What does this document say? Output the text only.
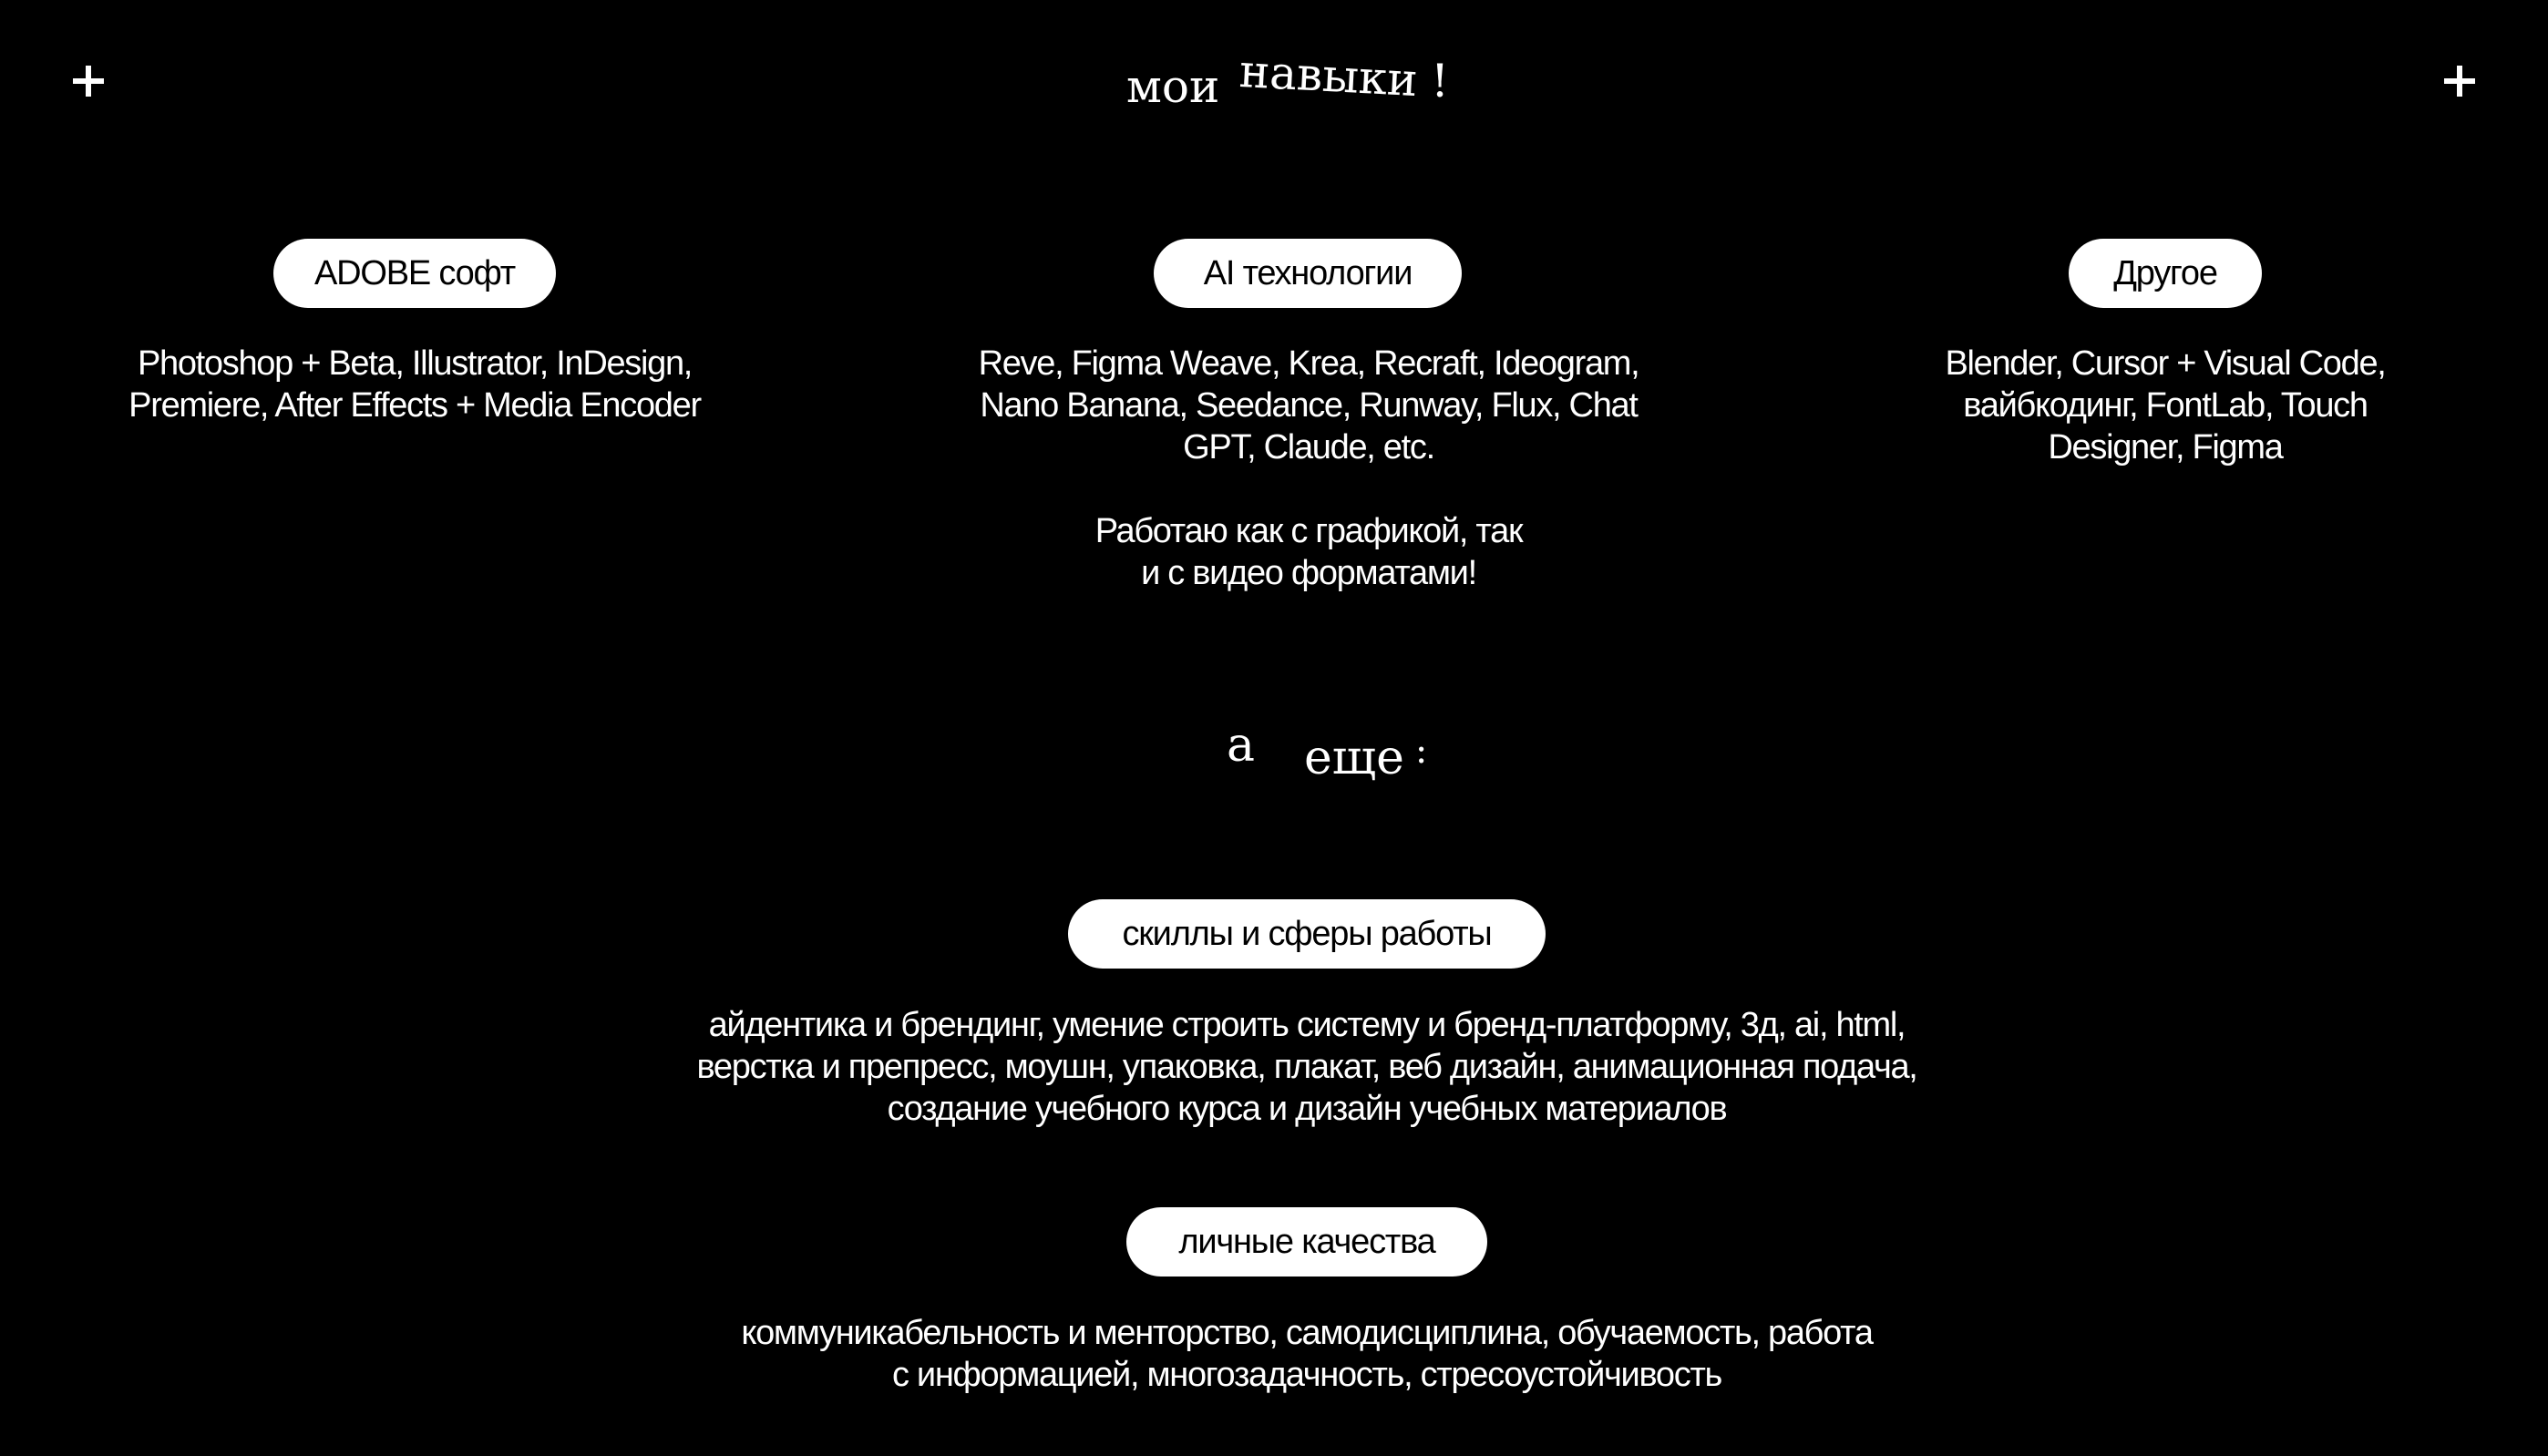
мои навыки !
ADOBE софт
Photoshop + Beta, Illustrator, InDesign,
Premiere, After Effects + Media Encoder
AI технологии
Reve, Figma Weave, Krea, Recraft, Ideogram,
Nano Banana, Seedance, Runway, Flux, Chat
GPT, Claude, etc.
Работаю как с графикой, так
и с видео форматами!
Другое
Blender, Cursor + Visual Code,
вайбкодинг, FontLab, Touch
Designer, Figma
а еще :
скиллы и сферы работы
айдентика и брендинг, умение строить систему и бренд-платформу, 3д, ai, html,
верстка и препресс, моушн, упаковка, плакат, веб дизайн, анимационная подача,
создание учебного курса и дизайн учебных материалов
личные качества
коммуникабельность и менторство, самодисциплина, обучаемость, работа
с информацией, многозадачность, стресоустойчивость
